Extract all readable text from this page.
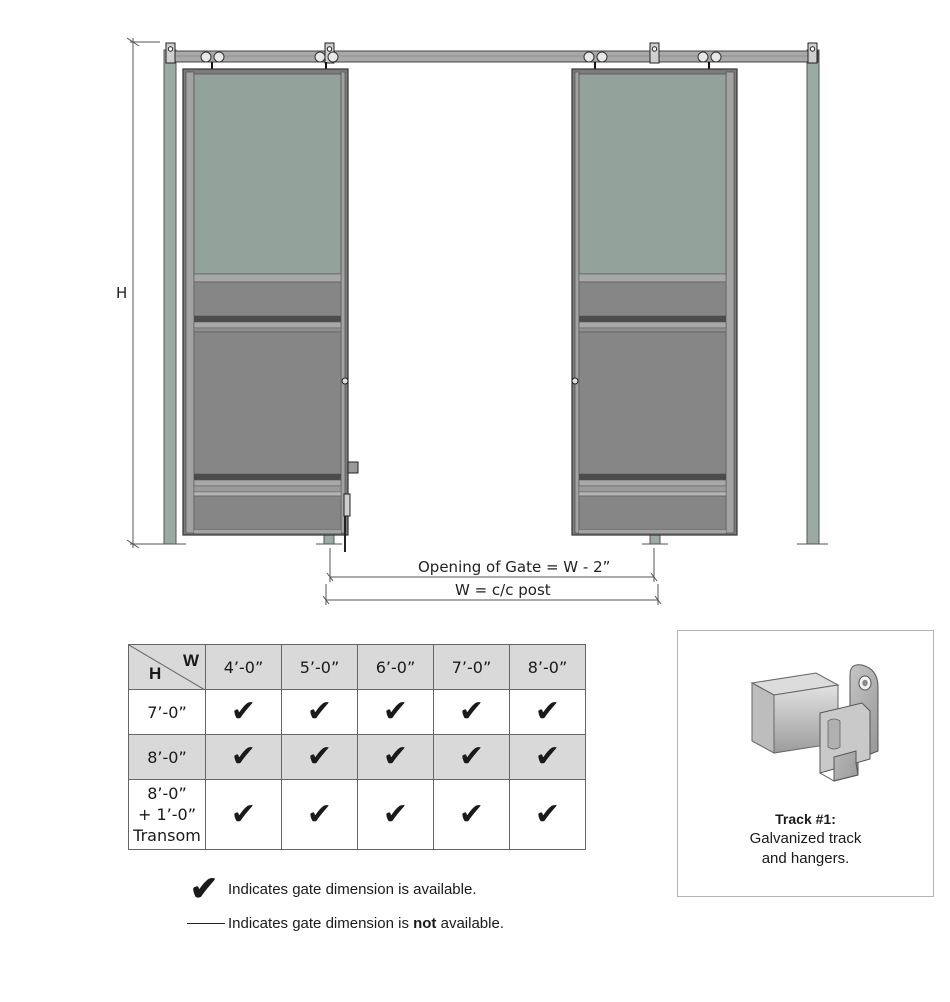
H
Opening of Gate = W - 2”
W = c/c post
W
H	4’-0”	5’-0”	6’-0”	7’-0”	8’-0”

7’-0”	✔	✔	✔	✔	✔

8’-0”	✔	✔	✔	✔	✔

8’-0”
+ 1’-0”
Transom	✔	✔	✔	✔	✔
✔ Indicates gate dimension is available.
Indicates gate dimension is not available.
Track #1:
Galvanized track
and hangers.
